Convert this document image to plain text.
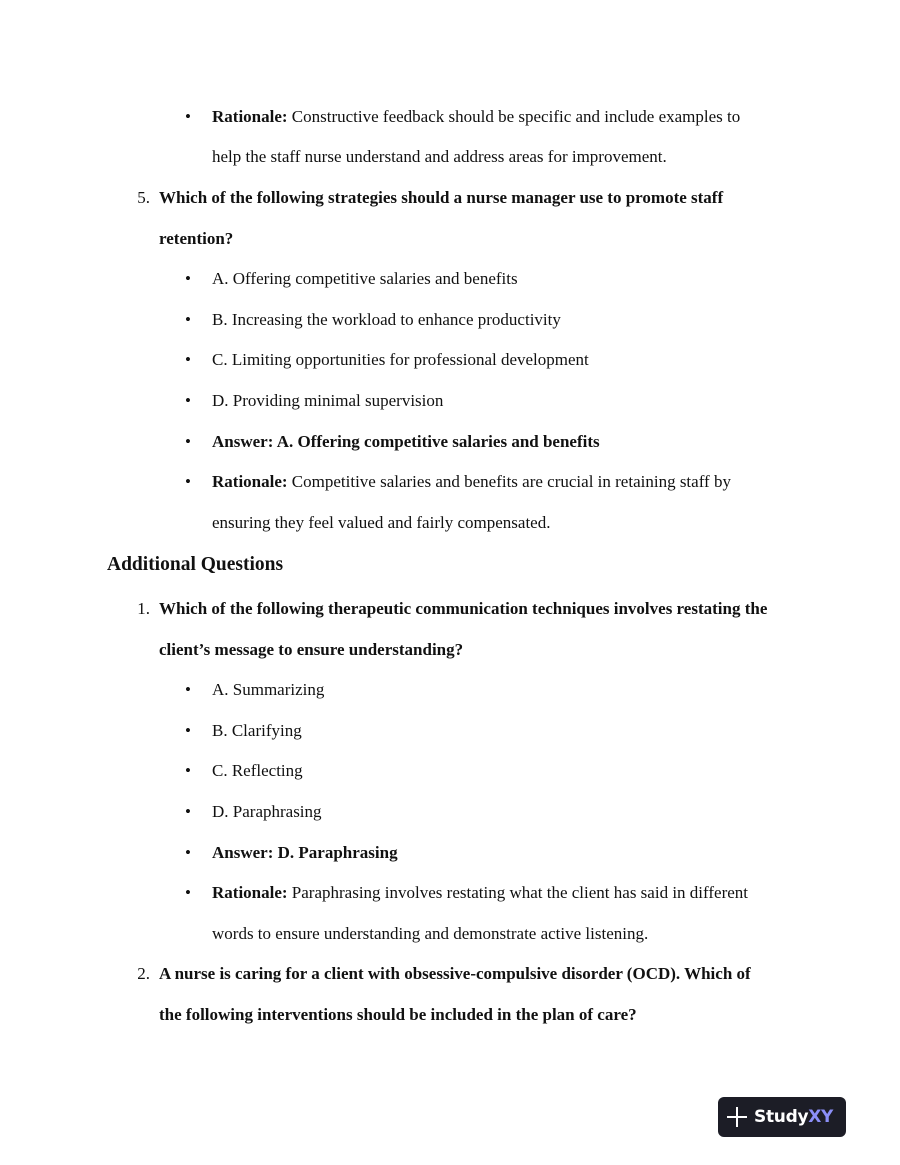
• Rationale: Constructive feedback should be specific and include examples to
help the staff nurse understand and address areas for improvement.
5. Which of the following strategies should a nurse manager use to promote staff
retention?
• A. Offering competitive salaries and benefits
• B. Increasing the workload to enhance productivity
• C. Limiting opportunities for professional development
• D. Providing minimal supervision
• Answer: A. Offering competitive salaries and benefits
• Rationale: Competitive salaries and benefits are crucial in retaining staff by
ensuring they feel valued and fairly compensated.
Additional Questions
1. Which of the following therapeutic communication techniques involves restating the
client’s message to ensure understanding?
• A. Summarizing
• B. Clarifying
• C. Reflecting
• D. Paraphrasing
• Answer: D. Paraphrasing
• Rationale: Paraphrasing involves restating what the client has said in different
words to ensure understanding and demonstrate active listening.
2. A nurse is caring for a client with obsessive-compulsive disorder (OCD). Which of
the following interventions should be included in the plan of care?
StudyXY
